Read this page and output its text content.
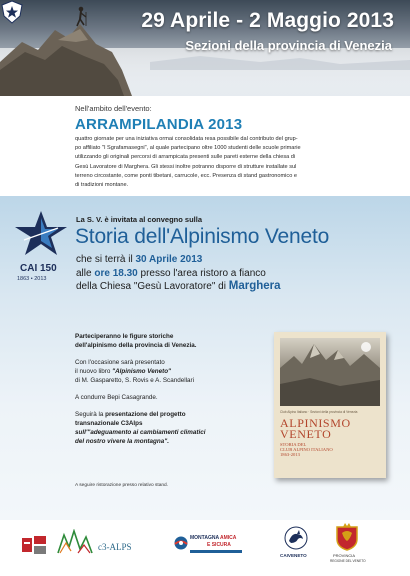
29 Aprile - 2 Maggio 2013
Sezioni della provincia di Venezia
Nell'ambito dell'evento:
ARRAMPILANDIA 2013
quattro giornate per una iniziativa ormai consolidata resa possibile dal contributo del grup-
po affiliato "I Sgrafamasegni", al quale partecipano oltre 1000 studenti delle scuole primarie
utilizzando gli originali percorsi di arrampicata presenti sulle pareti esterne della chiesa di
Gesù Lavoratore di Marghera. Gli stessi inoltre potranno disporre di strutture installate sul
terreno circostante, come ponti tibetani, carrucole, ecc. Presenza di stand gastronomico e
di tradizioni montane.
CAI 150
1863 • 2013
La S. V. è invitata al convegno sulla
Storia dell'Alpinismo Veneto
che si terrà il 30 Aprile 2013
alle ore 18.30 presso l'area ristoro a fianco
della Chiesa "Gesù Lavoratore" di Marghera

Parteciperanno le figure storiche
dell'alpinismo della provincia di Venezia.

Con l'occasione sarà presentato
il nuovo libro "Alpinismo Veneto"
di M. Gasparetto, S. Rovis e A. Scandellari

A condurre Bepi Casagrande.

Seguirà la presentazione del progetto
transnazionale C3Alps
sull'"adeguamento ai cambiamenti climatici
del nostro vivere la montagna".

A seguire ristorazione presso relativo stand.
Club Alpino Italiano · Sezioni della provincia di Venezia
ALPINISMO
VENETO
STORIA DEL
CLUB ALPINO ITALIANO
1863-2013
c3-ALPS
MONTAGNA AMICA
E SICURA
CAIVENETO	PROVINCIA
REGIONE DEL VENETO
